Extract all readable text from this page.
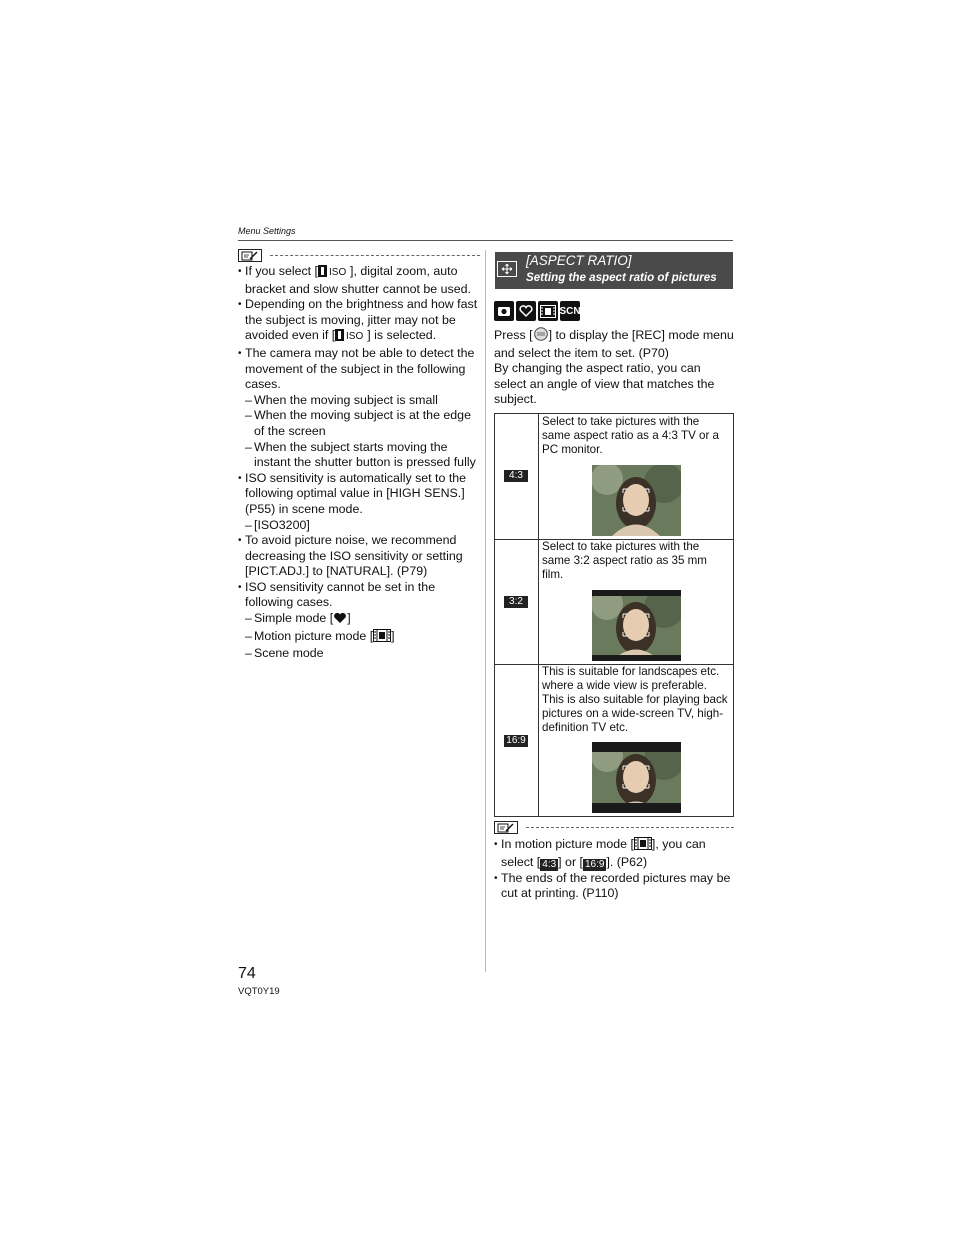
Menu Settings
• If you select [ ISO ], digital zoom, auto bracket and slow shutter cannot be used.
• Depending on the brightness and how fast the subject is moving, jitter may not be avoided even if [ ISO ] is selected.
• The camera may not be able to detect the movement of the subject in the following cases.
– When the moving subject is small
– When the moving subject is at the edge of the screen
– When the subject starts moving the instant the shutter button is pressed fully
• ISO sensitivity is automatically set to the following optimal value in [HIGH SENS.] (P55) in scene mode.
– [ISO3200]
• To avoid picture noise, we recommend decreasing the ISO sensitivity or setting [PICT.ADJ.] to [NATURAL]. (P79)
• ISO sensitivity cannot be set in the following cases.
– Simple mode [ ]
– Motion picture mode [ ]
– Scene mode
[ASPECT RATIO]
Setting the aspect ratio of pictures
SCN
Press [ ] to display the [REC] mode menu and select the item to set. (P70)
By changing the aspect ratio, you can select an angle of view that matches the subject.
4:3
Select to take pictures with the same aspect ratio as a 4:3 TV or a PC monitor.
3:2
Select to take pictures with the same 3:2 aspect ratio as 35 mm film.
16:9
This is suitable for landscapes etc. where a wide view is preferable. This is also suitable for playing back pictures on a wide-screen TV, high-definition TV etc.
• In motion picture mode [ ], you can select [ 4:3 ] or [ 16:9 ]. (P62)
• The ends of the recorded pictures may be cut at printing. (P110)
74
VQT0Y19
